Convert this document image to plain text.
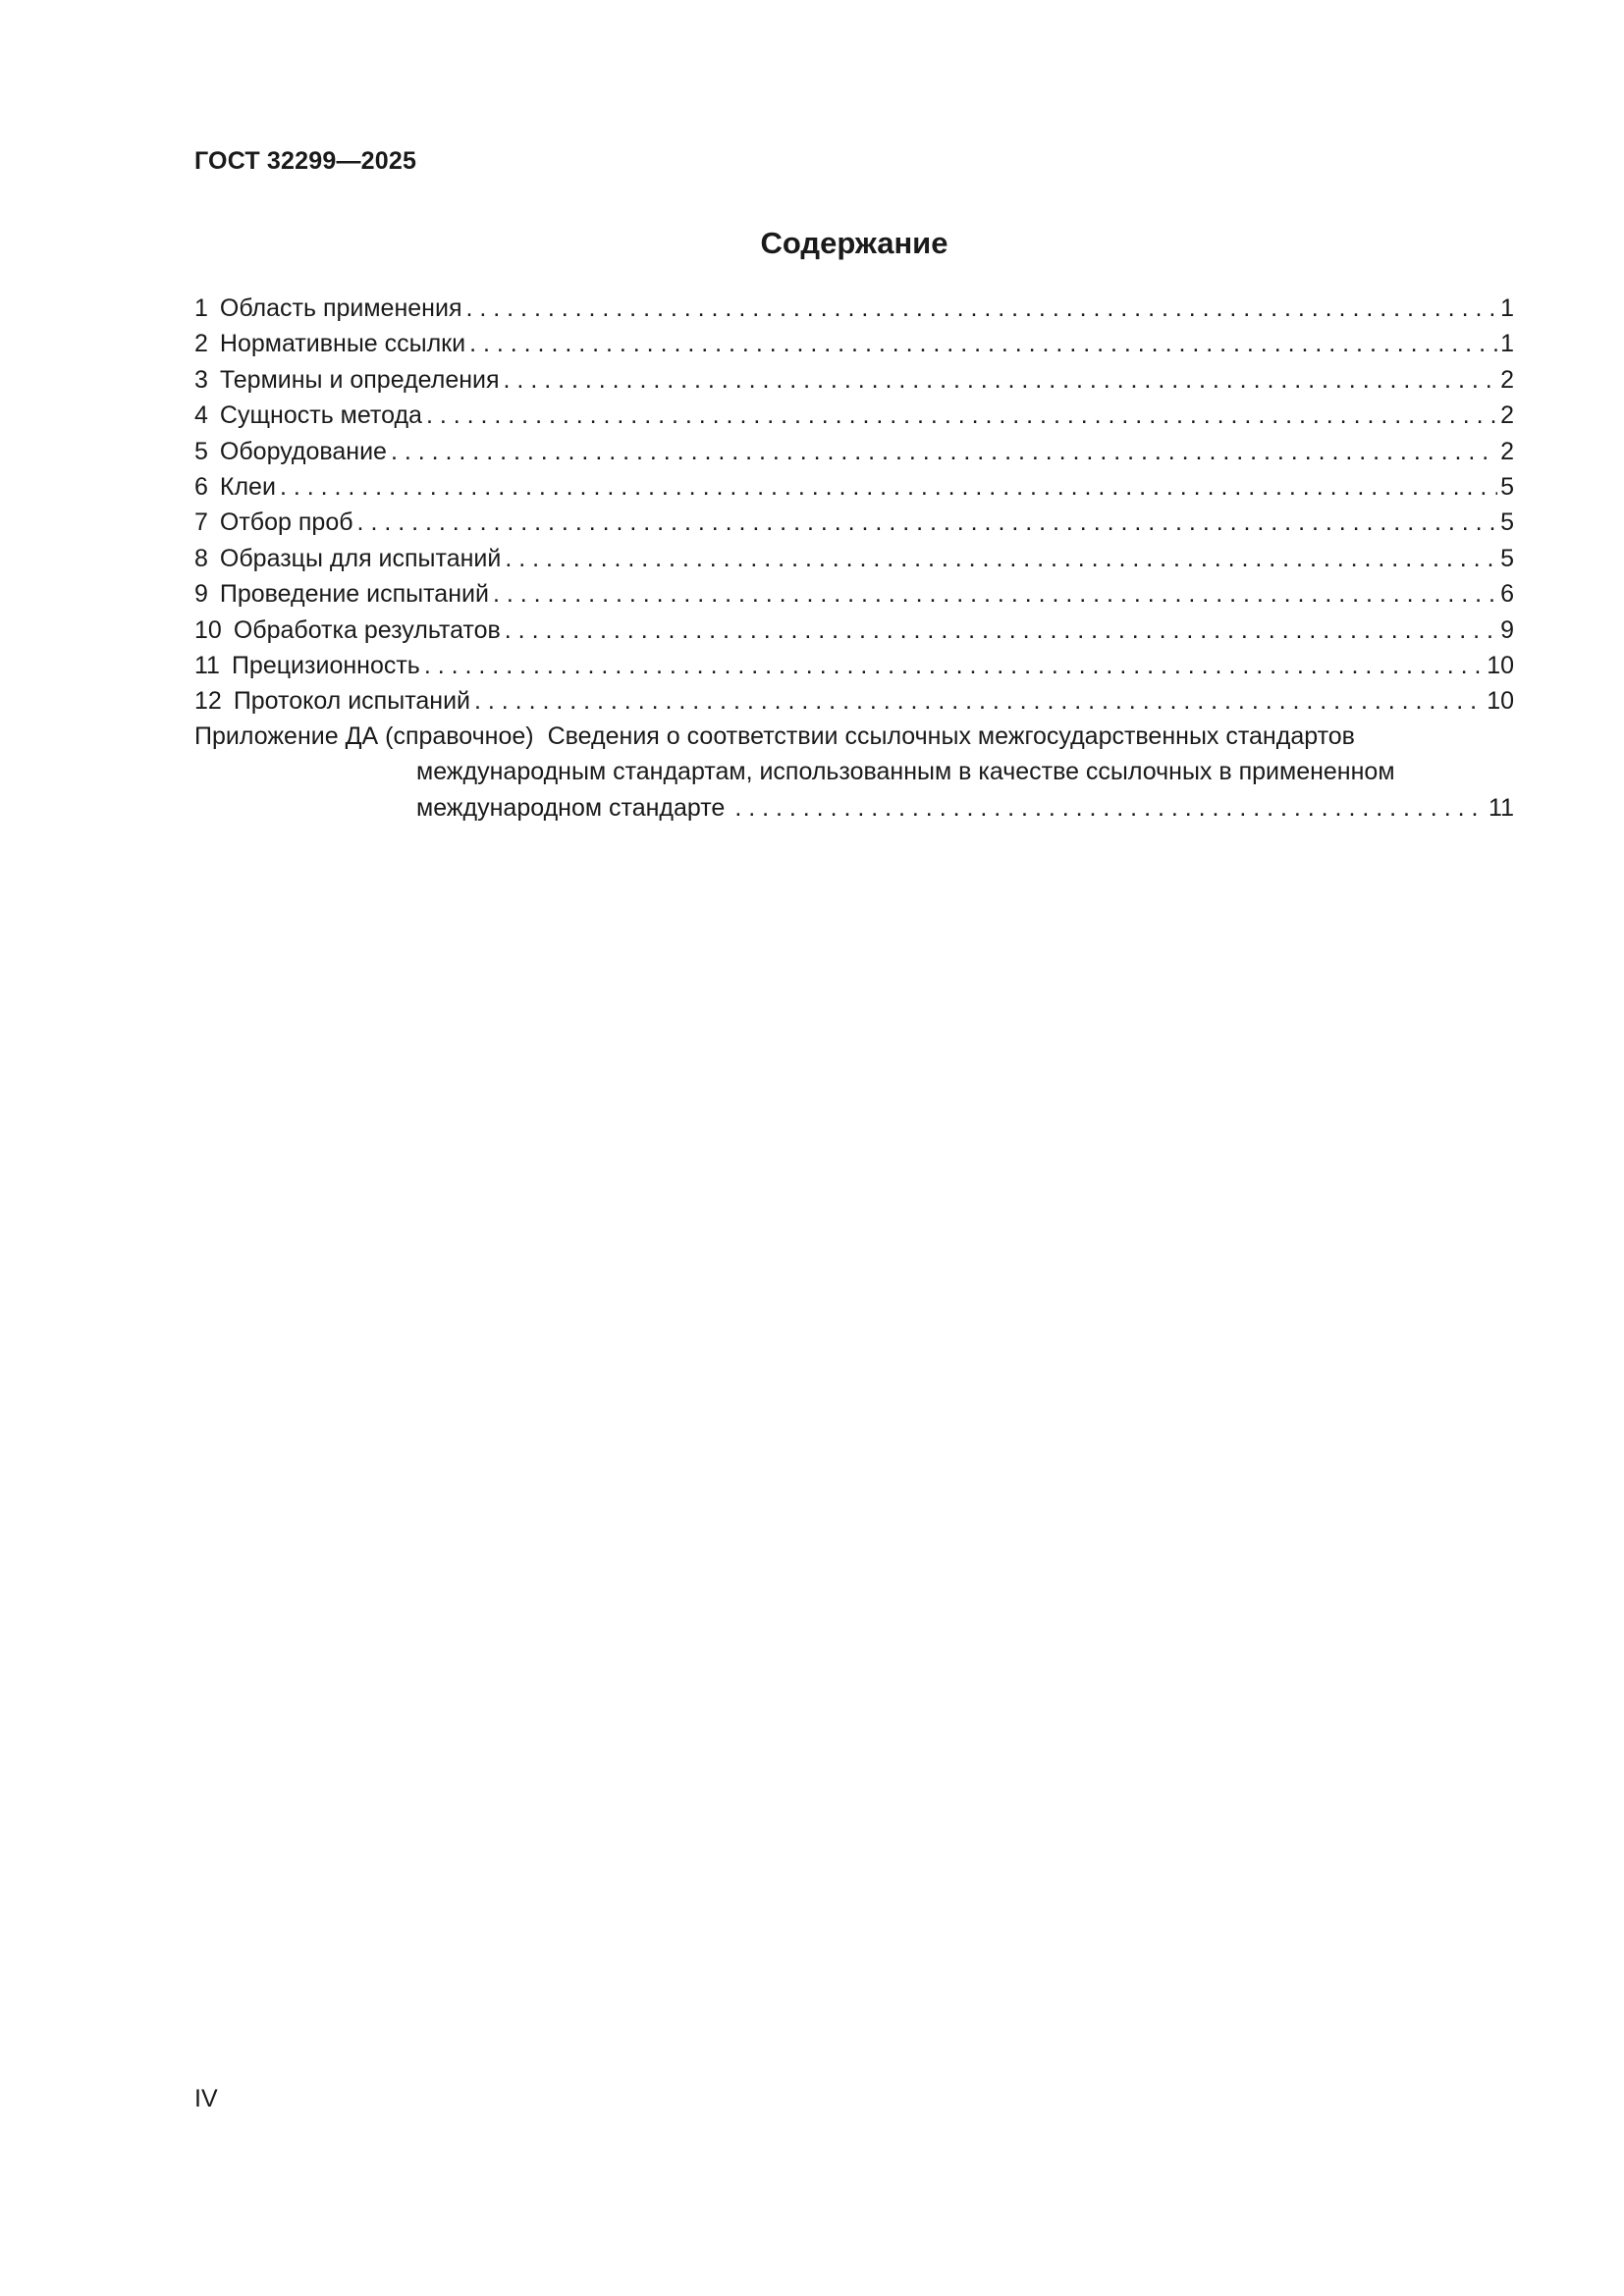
ГОСТ 32299—2025
Содержание
1 Область применения . . .	1
2 Нормативные ссылки . . .	1
3 Термины и определения . . .	2
4 Сущность метода . . .	2
5 Оборудование . . .	2
6 Клеи . . .	5
7 Отбор проб . . .	5
8 Образцы для испытаний . . .	5
9 Проведение испытаний . . .	6
10 Обработка результатов . . .	9
11 Прецизионность . . .	10
12 Протокол испытаний . . .	10
Приложение ДА (справочное) Сведения о соответствии ссылочных межгосударственных стандартов
международным стандартам, использованным в качестве ссылочных в примененном
международном стандарте . . .	11
IV
